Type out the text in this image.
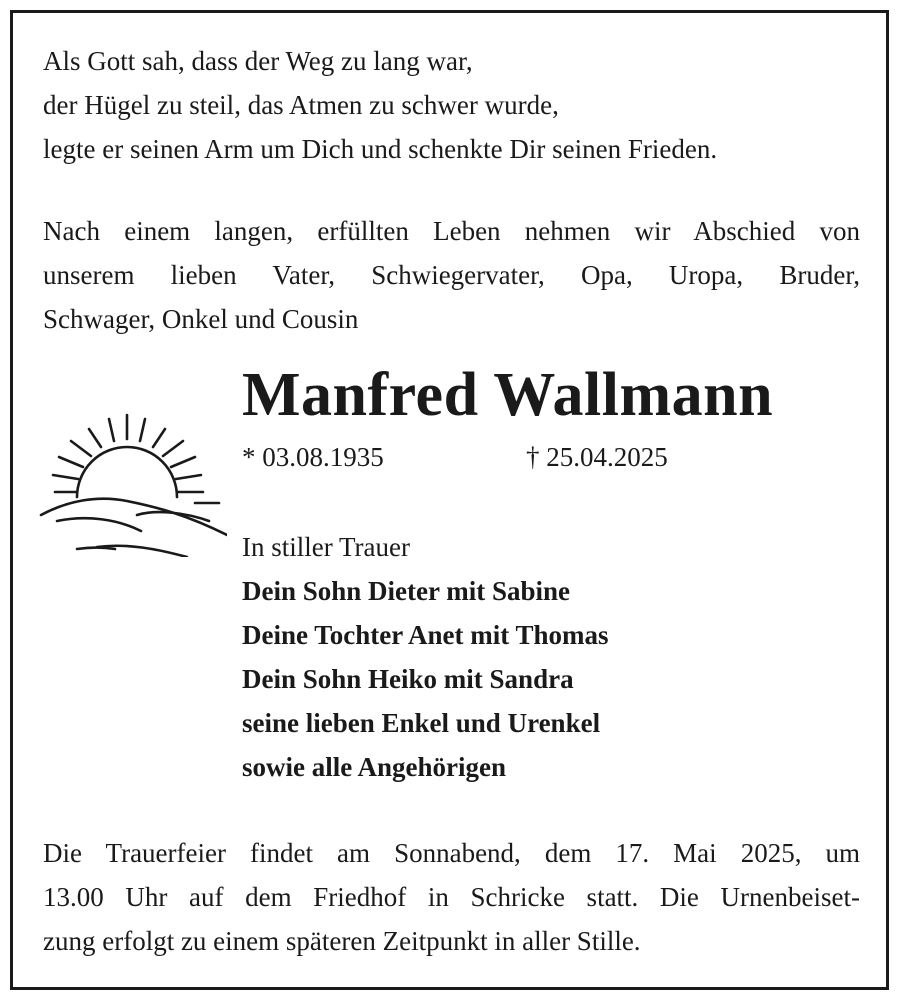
Als Gott sah, dass der Weg zu lang war,
der Hügel zu steil, das Atmen zu schwer wurde,
legte er seinen Arm um Dich und schenkte Dir seinen Frieden.
Nach einem langen, erfüllten Leben nehmen wir Abschied von
unserem lieben Vater, Schwiegervater, Opa, Uropa, Bruder,
Schwager, Onkel und Cousin
Manfred Wallmann
* 03.08.1935	† 25.04.2025
In stiller Trauer
Dein Sohn Dieter mit Sabine
Deine Tochter Anet mit Thomas
Dein Sohn Heiko mit Sandra
seine lieben Enkel und Urenkel
sowie alle Angehörigen
Die Trauerfeier findet am Sonnabend, dem 17. Mai 2025, um
13.00 Uhr auf dem Friedhof in Schricke statt. Die Urnenbeiset-
zung erfolgt zu einem späteren Zeitpunkt in aller Stille.
